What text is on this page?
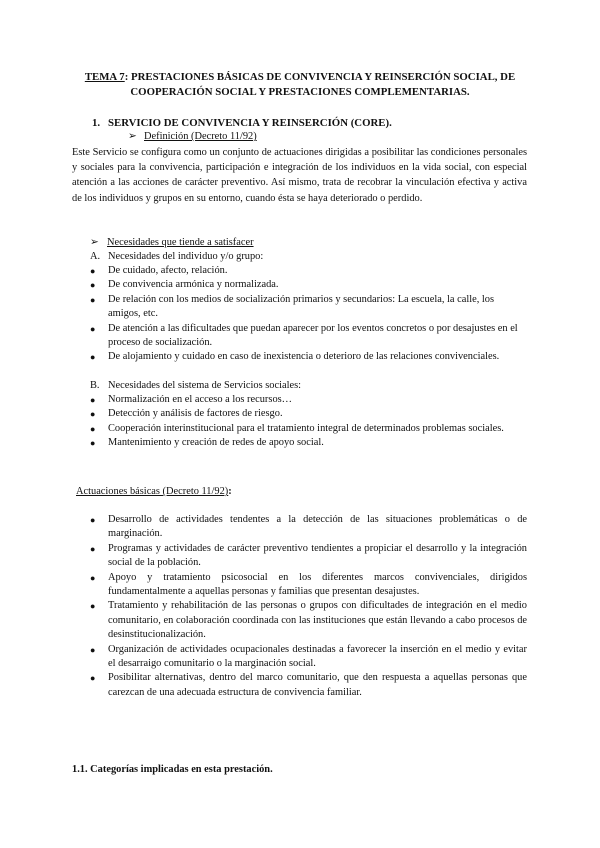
TEMA 7: PRESTACIONES BÁSICAS DE CONVIVENCIA Y REINSERCIÓN SOCIAL, DE COOPERACIÓN SOCIAL Y PRESTACIONES COMPLEMENTARIAS.
1. SERVICIO DE CONVIVENCIA Y REINSERCIÓN (CORE).
➢ Definición (Decreto 11/92)
Este Servicio se configura como un conjunto de actuaciones dirigidas a posibilitar las condiciones personales y sociales para la convivencia, participación e integración de los individuos en la vida social, con especial atención a las acciones de carácter preventivo. Así mismo, trata de recobrar la vinculación efectiva y activa de los individuos y grupos en su entorno, cuando ésta se haya deteriorado o perdido.
➢ Necesidades que tiende a satisfacer
A. Necesidades del individuo y/o grupo:
●	De cuidado, afecto, relación.
●	De convivencia armónica y normalizada.
●	De relación con los medios de socialización primarios y secundarios: La escuela, la calle, los amigos, etc.
●	De atención a las dificultades que puedan aparecer por los eventos concretos o por desajustes en el proceso de socialización.
●	De alojamiento y cuidado en caso de inexistencia o deterioro de las relaciones convivenciales.
B. Necesidades del sistema de Servicios sociales:
●	Normalización en el acceso a los recursos…
●	Detección y análisis de factores de riesgo.
●	Cooperación interinstitucional para el tratamiento integral de determinados problemas sociales.
●	Mantenimiento y creación de redes de apoyo social.
Actuaciones básicas (Decreto 11/92):
●	Desarrollo de actividades tendentes a la detección de las situaciones problemáticas o de marginación.
●	Programas y actividades de carácter preventivo tendientes a propiciar el desarrollo y la integración social de la población.
●	Apoyo y tratamiento psicosocial en los diferentes marcos convivenciales, dirigidos fundamentalmente a aquellas personas y familias que presentan desajustes.
●	Tratamiento y rehabilitación de las personas o grupos con dificultades de integración en el medio comunitario, en colaboración coordinada con las instituciones que están llevando a cabo procesos de desinstitucionalización.
●	Organización de actividades ocupacionales destinadas a favorecer la inserción en el medio y evitar el desarraigo comunitario o la marginación social.
●	Posibilitar alternativas, dentro del marco comunitario, que den respuesta a aquellas personas que carezcan de una adecuada estructura de convivencia familiar.
1.1. Categorías implicadas en esta prestación.
